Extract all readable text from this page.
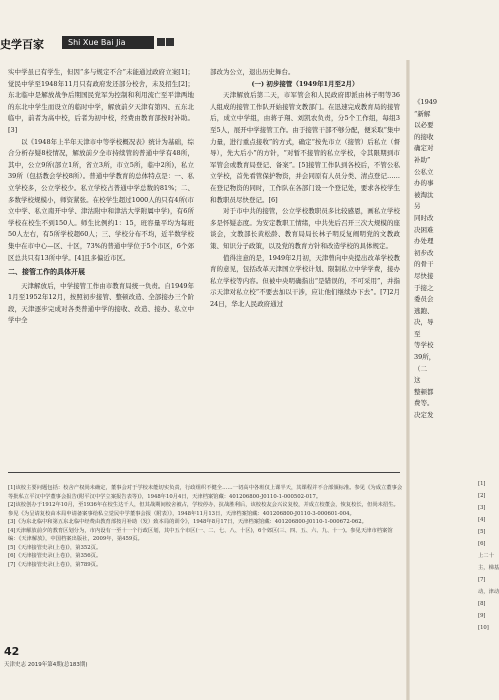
史学百家	Shi Xue Bai Jia

实中学虽已有学生，但因“多与规定不合”未能通过政府立案[1]；觉民中学至1948年11月只有政府发还部分校舍，未及招生[2]；东北临中是解放战争后期国民党军为控制和利用流亡至平津两地的东北中学生而设立的临时中学，解放前夕天津有第四、五东北临中，前者为高中校，后者为初中校，经费由教育部按时补助。[3]

以《1948年上半年天津市中等学校概况表》统计为基础，综合分析存疑8校情况，解放前夕全市持续管的普通中学有48所，其中，公立9所(部立1所，省立3所，市立5所，临中2所)，私立39所（包括教会学校8所）。普通中学教育的总体特点是：一、私立学校多，公立学校少。私立学校占普通中学总数的81%；二、多数学校规模小，师资紧张。在校学生超过1000人的只有4所(市立中学、私立南开中学、津沽附中和津沽大学附属中学)，有6所学校在校生不到150人。师生比例约1：15，班容量平均为每班50人左右，有5所学校超60人；三、学校分布不均，近半数学校集中在市中心—区、十区，73%的普通中学位于5个市区，6个郊区总共只有13所中学。[4]且多偏近市区。

二、接管工作的具体开展

天津解放后，中学接管工作由市教育局统一负责。自1949年1月至1952年12月，按照初步接管、整顿改造、全部接办三个阶段，天津逐步完成对各类普通中学的接收、改造、接办、私立中学中全

部改为公立，退出历史舞台。

(一) 初步接管（1949年1月至2月）

天津解放后第二天，市军管会和人民政府即派由林子明等36人组成的接管工作队开始接管文教部门。在迅速完成教育局的接管后，成立中学组，由蒋子翔、刘凯农负责，分5个工作组，每组3至5人，展开中学接管工作。由于接管干部不够分配，便采取“集中力量，进行重点接收”的方式，确定“按先市立（接管）后私立（督导），先大后小”的方针，“对暂不接管的私立学校，令其限期到市军管会或教育局登记、备案”。[5]接管工作队到各校后，不管公私立学校，首先看管保护物资，并会同原有人员分类、清点登记……在登记物资的同时，工作队在各部门设一个登记处，要求各校学生和教职员尽快登记。[6]

对于市中共的接管，公立学校教职员多比较感恩，画私立学校多是怀疑态度。为安定教职工情绪，中共先后召开三次大规模的座谈会，文教部长黄松龄、教育局局长林子明反复阐明党的文教政策、知识分子政策，以及党的教育方针和改造学校的具体规定。

值得注意的是，1949年2月初，天津曾向中央提出改革学校教育的意见，包括改革天津国立学校计划、限制私立中学学费，接办私立学校等内容。但被中央明确指出“是错误的，不可采用”，并指示天津对私立校“不要去加以干涉，应让他们继续办下去”。[7]2月24日，华北人民政府通过

《1949

“新解

以必要

的接收

确定对

补助”

公私立

办的事

被淘汰

另

同时改

决困难

办处理

初步改

的骨干

尽快接

于接之

委员会

逃跑、

决，导

至

等学校

39所，

（二

这

整顿都

费等。

决定发

[1]该校主要问题包括：校舍产权尚未确定，董事会对于学校未能切实负责，行政组织不健全……一切高中各班仅上课半天，其课程并不合部颁标准。参见《为成立董事会等批私立平汉中学董事会报告(附平汉中学立案报告表等)》，1948年10月4日，天津档案馆藏：401206800-J0110-1-000502-017。

[2]该校创办于1912年10月，至1936年在校生达千人，但其战期间校舍被占，学校停办，抗战胜利后，该校校友会兴议复校，并成立校董会，恢复校长，但尚未招生。参见《为呈请复校由本局申请备案事给私立觉民中学董事会报（附表）》，1948年11月13日，天津档案馆藏：401206800-J0110-3-000601-004。

[3]《为东北临中和第五东北临中经费由教育部按月补助（发）致本局的训令》，1948年8月17日，天津档案馆藏：401206800-J0110-1-000672-062。

[4]天津解放前夕的教育区划分为，市内设有一至十一个行政区划，其中五个市区(一、二、七、八、十区)，6个郊区(三、四、五、六、九、十一)。参见天津市档案馆编：《天津解放》，中国档案出版社，2009年，第459页。

[5]《天津接管史录(上卷)》，第352页。

[6]《天津接管史录(上卷)》，第356页。

[7]《天津接管史录(上卷)》，第789页。

[1]

[2]

[3]

[4]

[5]

[6]

上二十

主，梯基

[7]

动，津动

[8]

[9]

[10]

42
天津史志 2019年第4期(总183期)
